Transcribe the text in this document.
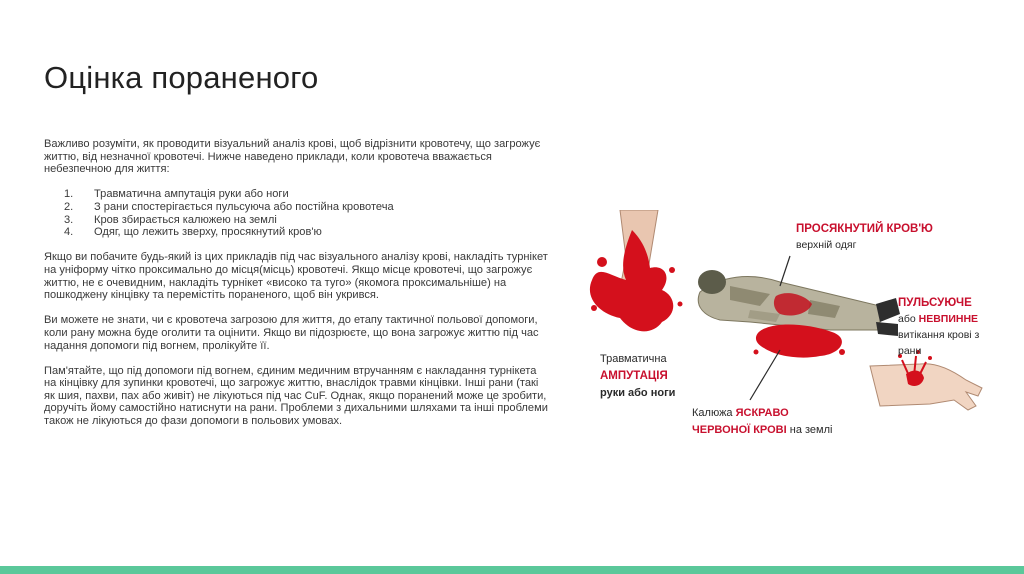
Оцінка пораненого

Важливо розуміти, як проводити візуальний аналіз крові, щоб відрізнити кровотечу, що загрожує життю, від незначної кровотечі. Нижче наведено приклади, коли кровотеча вважається небезпечною для життя:

1. Травматична ампутація руки або ноги
2. З рани спостерігається пульсуюча або постійна кровотеча
3. Кров збирається калюжею на землі
4. Одяг, що лежить зверху, просякнутий кров'ю

Якщо ви побачите будь-який із цих прикладів під час візуального аналізу крові, накладіть турнікет на уніформу чітко проксимально до місця(місць) кровотечі. Якщо місце кровотечі, що загрожує життю, не є очевидним, накладіть турнікет «високо та туго» (якомога проксимальніше) на пошкоджену кінцівку та перемістіть пораненого, щоб він укрився.

Ви можете не знати, чи є кровотеча загрозою для життя, до етапу тактичної польової допомоги, коли рану можна буде оголити та оцінити. Якщо ви підозрюєте, що вона загрожує життю під час надання допомоги під вогнем, пролікуйте її.

Пам'ятайте, що під допомоги під вогнем, єдиним медичним втручанням є накладання турнікета на кінцівку для зупинки кровотечі, що загрожує життю, внаслідок травми кінцівки. Інші рани (такі як шия, пахви, пах або живіт) не лікуються під час CuF. Однак, якщо поранений може це зробити, доручіть йому самостійно натиснути на рани. Проблеми з дихальними шляхами та інші проблеми також не лікуються до фази допомоги в польових умовах.

ПРОСЯКНУТИЙ КРОВ'Ю
верхній одяг
ПУЛЬСУЮЧЕ
або НЕВПИННЕ
витікання крові з
рани
Травматична
АМПУТАЦІЯ
руки або ноги
Калюжа ЯСКРАВО
ЧЕРВОНОЇ КРОВІ на землі
